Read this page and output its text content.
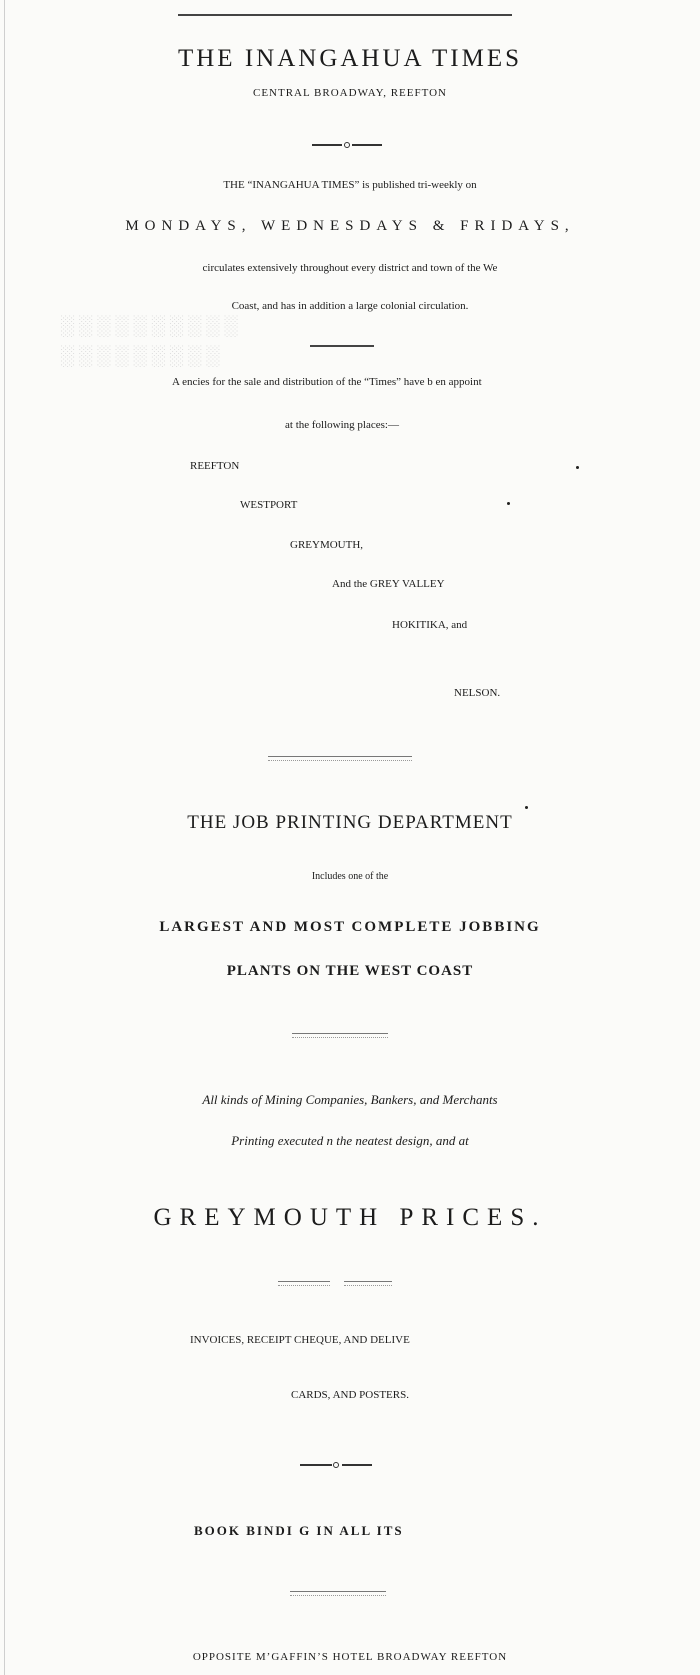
░░░░░░░░░░
░░░░░░░░░
THE INANGAHUA TIMES
CENTRAL BROADWAY, REEFTON
THE “INANGAHUA TIMES” is published tri-weekly on
MONDAYS, WEDNESDAYS & FRIDAYS,
circulates extensively throughout every district and town of the We
Coast, and has in addition a large colonial circulation.
A encies for the sale and distribution of the “Times” have b en appoint
at the following places:—
REEFTON
WESTPORT
GREYMOUTH,
And the GREY VALLEY
HOKITIKA, and
NELSON.
THE JOB PRINTING DEPARTMENT
Includes one of the
LARGEST AND MOST COMPLETE JOBBING
PLANTS ON THE WEST COAST
All kinds of Mining Companies, Bankers, and Merchants
Printing executed n the neatest design, and at
GREYMOUTH PRICES.
INVOICES, RECEIPT CHEQUE, AND DELIVE
CARDS, AND POSTERS.
BOOK BINDI G IN ALL ITS
OPPOSITE M’GAFFIN’S HOTEL BROADWAY REEFTON
